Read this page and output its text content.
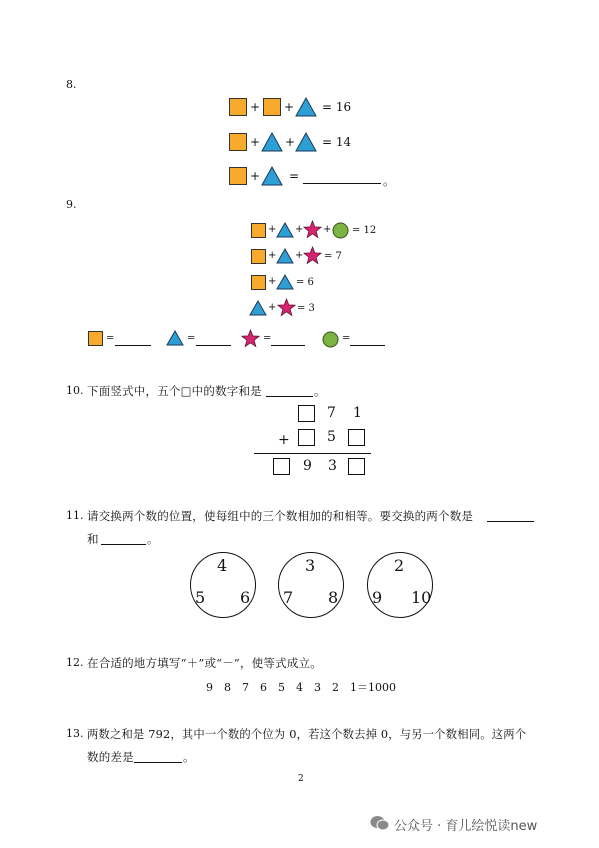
8.
+ + = 16
+ + = 14
+ =	。
9.
+ + + = 12
+ + = 7
+ = 6
+ = 3
=	=	=	=
10. 下面竖式中，五个□中的数字和是	。
7 1
+	5
9 3
11. 请交换两个数的位置，使每组中的三个数相加的和相等。要交换的两个数是
和	。
4
5 6
3
7 8
2
9 10
12. 在合适的地方填写“＋”或“－”，使等式成立。
9　8　7　6　5　4　3　2　1＝1000
13. 两数之和是 792，其中一个数的个位为 0，若这个数去掉 0，与另一个数相同。这两个
数的差是	。
2
公众号 · 育儿绘悦读new
